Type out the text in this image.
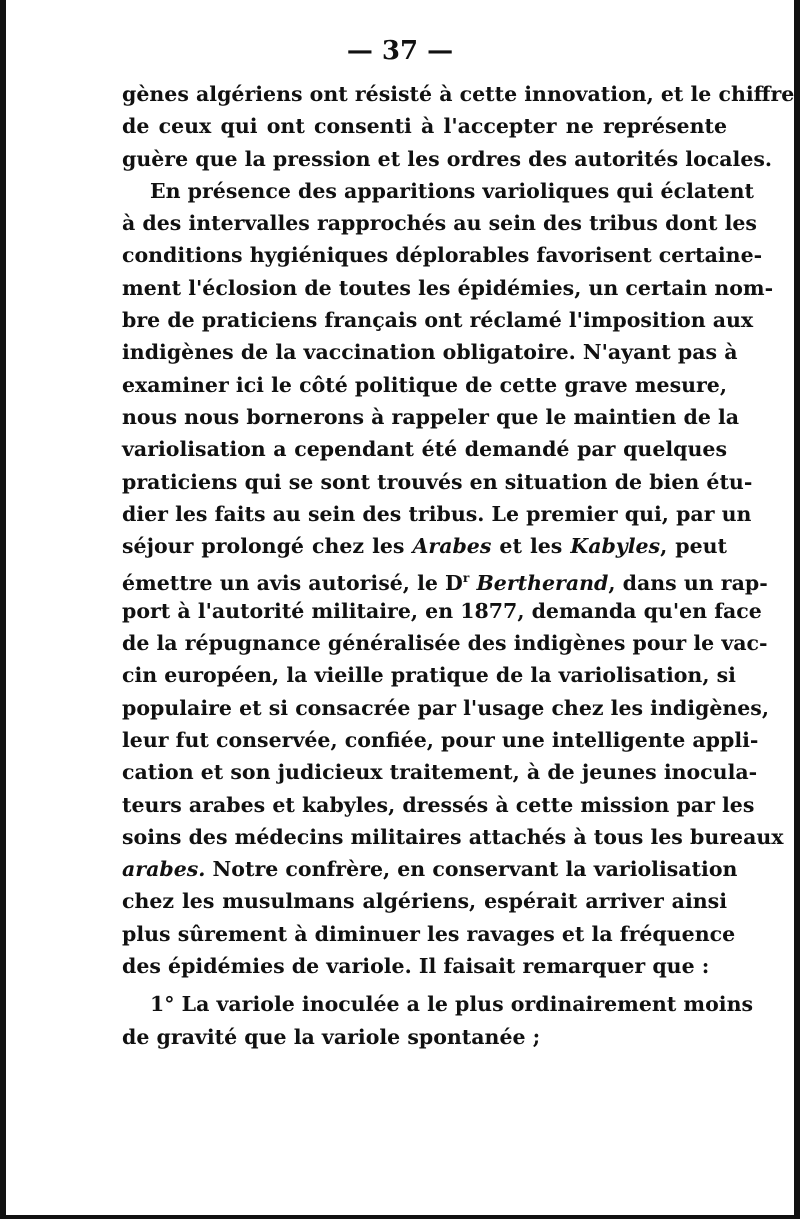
— 37 —
gènes algériens ont résisté à cette innovation, et le chiffre
de ceux qui ont consenti à l'accepter ne représente
guère que la pression et les ordres des autorités locales.
En présence des apparitions varioliques qui éclatent
à des intervalles rapprochés au sein des tribus dont les
conditions hygiéniques déplorables favorisent certaine-
ment l'éclosion de toutes les épidémies, un certain nom-
bre de praticiens français ont réclamé l'imposition aux
indigènes de la vaccination obligatoire. N'ayant pas à
examiner ici le côté politique de cette grave mesure,
nous nous bornerons à rappeler que le maintien de la
variolisation a cependant été demandé par quelques
praticiens qui se sont trouvés en situation de bien étu-
dier les faits au sein des tribus. Le premier qui, par un
séjour prolongé chez les Arabes et les Kabyles, peut
émettre un avis autorisé, le $D^r$ Bertherand, dans un rap-
port à l'autorité militaire, en 1877, demanda qu'en face
de la répugnance généralisée des indigènes pour le vac-
cin européen, la vieille pratique de la variolisation, si
populaire et si consacrée par l'usage chez les indigènes,
leur fut conservée, confiée, pour une intelligente appli-
cation et son judicieux traitement, à de jeunes inocula-
teurs arabes et kabyles, dressés à cette mission par les
soins des médecins militaires attachés à tous les bureaux
arabes. Notre confrère, en conservant la variolisation
chez les musulmans algériens, espérait arriver ainsi
plus sûrement à diminuer les ravages et la fréquence
des épidémies de variole. Il faisait remarquer que :
1° La variole inoculée a le plus ordinairement moins
de gravité que la variole spontanée ;
